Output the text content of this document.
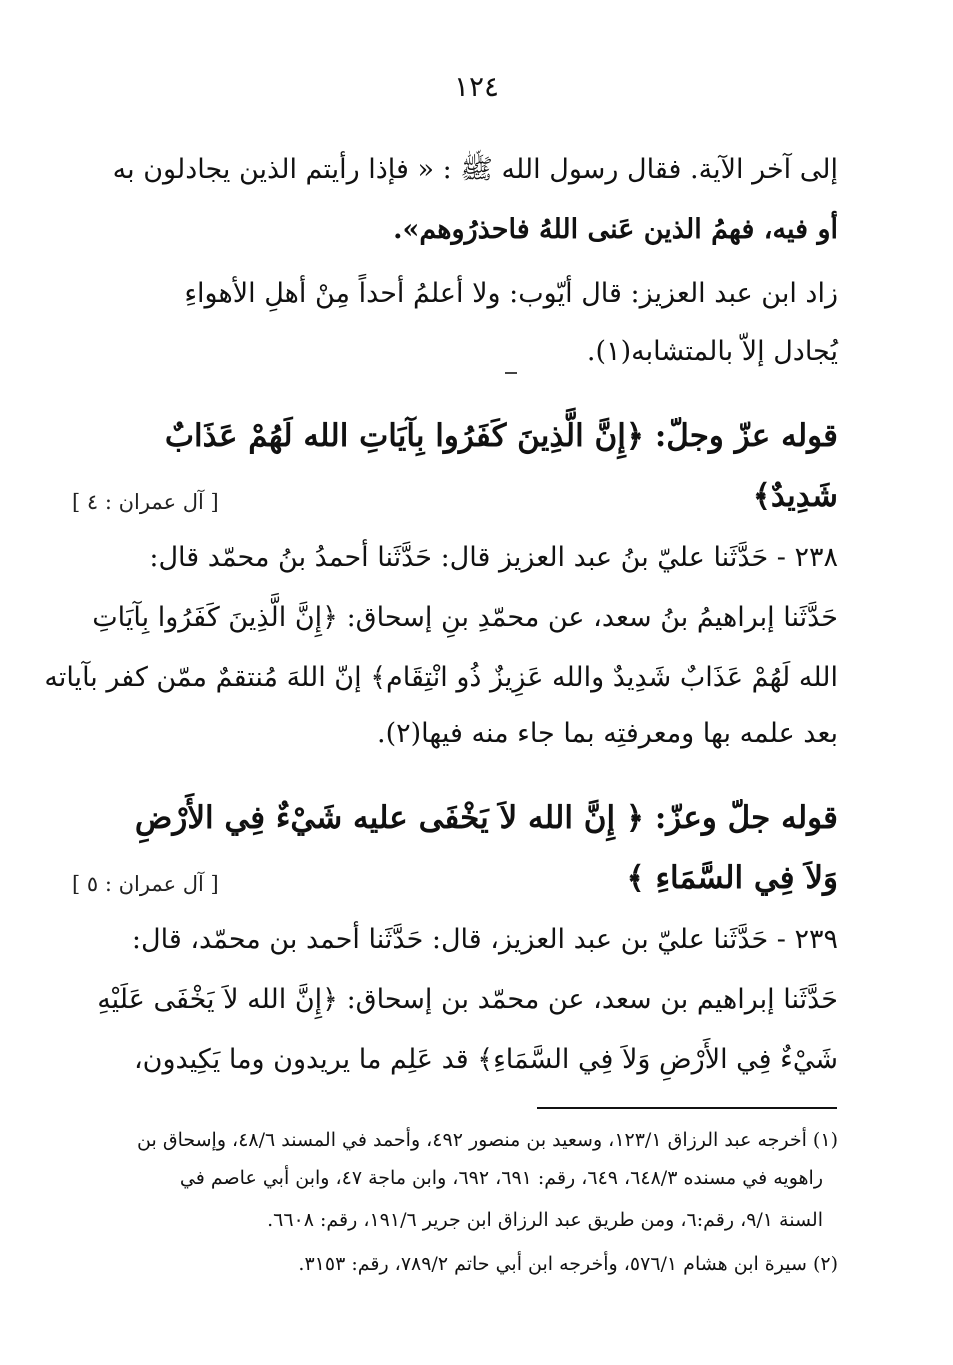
١٢٤
إلى آخر الآية. فقال رسول الله ﷺ : « فإذا رأيتم الذين يجادلون به
أو فيه، فهمُ الذين عَنى اللهُ فاحذرُوهم».
زاد ابن عبد العزيز: قال أيّوب: ولا أعلمُ أحداً مِنْ أهلِ الأهواءِ
يُجادل إلاّ بالمتشابه(١).
قوله عزّ وجلّ: ﴿إِنَّ الَّذِينَ كَفَرُوا بِآيَاتِ الله لَهُمْ عَذَابٌ
شَدِيدٌ﴾
[ آل عمران : ٤ ]
٢٣٨ - حَدَّثَنا عليّ بنُ عبد العزيز قال: حَدَّثَنا أحمدُ بنُ محمّد قال:
حَدَّثَنا إبراهيمُ بنُ سعد، عن محمّدِ بنِ إسحاق: ﴿إِنَّ الَّذِينَ كَفَرُوا بِآيَاتِ
الله لَهُمْ عَذَابٌ شَدِيدٌ والله عَزِيزٌ ذُو انْتِقَام﴾ إنّ اللهَ مُنتقمٌ ممّن كفر بآياته
بعد علمه بها ومعرفتِه بما جاء منه فيها(٢).
قوله جلّ وعزّ: ﴿ إِنَّ الله لاَ يَخْفَى عليه شَيْءٌ فِي الأَرْضِ
وَلاَ فِي السَّمَاءِ ﴾
[ آل عمران : ٥ ]
٢٣٩ - حَدَّثَنا عليّ بن عبد العزيز، قال: حَدَّثَنا أحمد بن محمّد، قال:
حَدَّثَنا إبراهيم بن سعد، عن محمّد بن إسحاق: ﴿إِنَّ الله لاَ يَخْفَى عَلَيْهِ
شَيْءٌ فِي الأَرْضِ وَلاَ فِي السَّمَاءِ﴾ قد عَلِم ما يريدون وما يَكِيدون،
(١) أخرجه عبد الرزاق ١٢٣/١، وسعيد بن منصور ٤٩٢، وأحمد في المسند ٤٨/٦، وإسحاق بن
راهويه في مسنده ٦٤٨/٣، ٦٤٩، رقم: ٦٩١، ٦٩٢، وابن ماجة ٤٧، وابن أبي عاصم في
السنة ٩/١، رقم:٦، ومن طريق عبد الرزاق ابن جرير ١٩١/٦، رقم: ٦٦٠٨.
(٢) سيرة ابن هشام ٥٧٦/١، وأخرجه ابن أبي حاتم ٧٨٩/٢، رقم: ٣١٥٣.
